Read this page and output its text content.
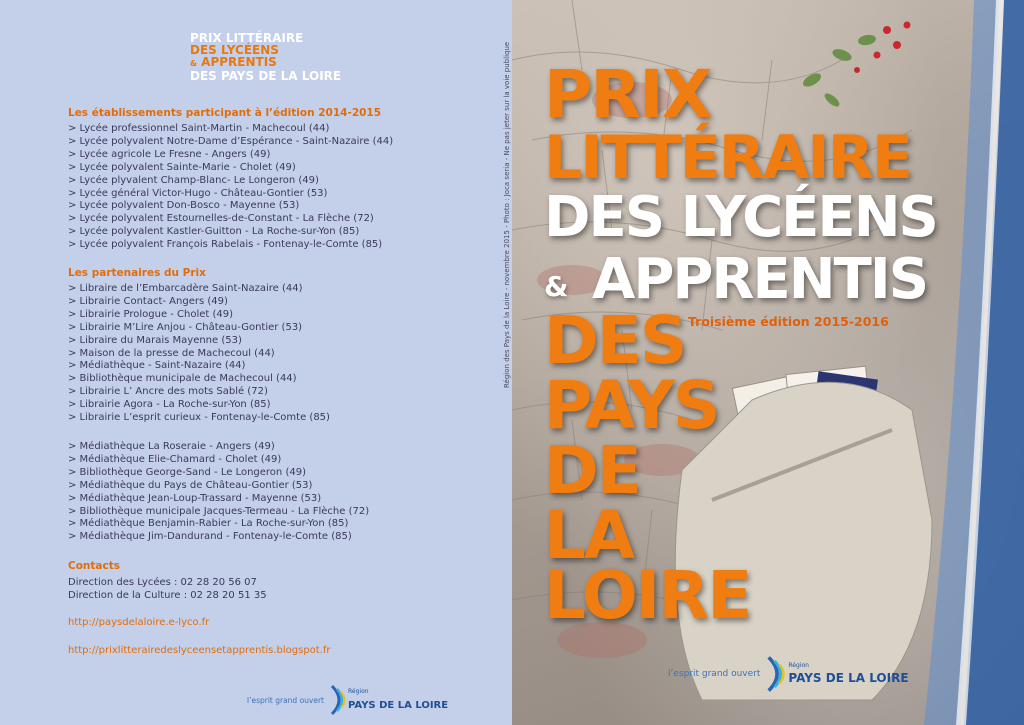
PRIX LITTÉRAIRE
DES LYCÉENS
& APPRENTIS
DES PAYS DE LA LOIRE
Les établissements participant à l’édition 2014-2015
> Lycée professionnel Saint-Martin - Machecoul (44)
> Lycée polyvalent Notre-Dame d’Espérance - Saint-Nazaire (44)
> Lycée agricole Le Fresne - Angers (49)
> Lycée polyvalent Sainte-Marie - Cholet (49)
> Lycée plyvalent Champ-Blanc- Le Longeron (49)
> Lycée général Victor-Hugo - Château-Gontier (53)
> Lycée polyvalent Don-Bosco - Mayenne (53)
> Lycée polyvalent Estournelles-de-Constant - La Flèche (72)
> Lycée polyvalent Kastler-Guitton - La Roche-sur-Yon (85)
> Lycée polyvalent François Rabelais - Fontenay-le-Comte (85)
Les partenaires du Prix
> Libraire de l’Embarcadère Saint-Nazaire (44)
> Librairie Contact- Angers (49)
> Librairie Prologue - Cholet (49)
> Librairie M’Lire Anjou - Château-Gontier (53)
> Libraire du Marais Mayenne (53)
> Maison de la presse de Machecoul (44)
> Médiathèque - Saint-Nazaire (44)
> Bibliothèque municipale de Machecoul (44)
> Librairie L’ Ancre des mots Sablé (72)
> Librairie Agora - La Roche-sur-Yon (85)
> Librairie L’esprit curieux - Fontenay-le-Comte (85)
> Médiathèque La Roseraie - Angers (49)
> Médiathèque Elie-Chamard - Cholet (49)
> Bibliothèque George-Sand - Le Longeron (49)
> Médiathèque du Pays de Château-Gontier (53)
> Médiathèque Jean-Loup-Trassard - Mayenne (53)
> Bibliothèque municipale Jacques-Termeau - La Flèche (72)
> Médiathèque Benjamin-Rabier - La Roche-sur-Yon (85)
> Médiathèque Jim-Dandurand - Fontenay-le-Comte (85)
Contacts
Direction des Lycées : 02 28 20 56 07
Direction de la Culture : 02 28 20 51 35
http://paysdelaloire.e-lyco.fr
http://prixlitterairedeslyceensetapprentis.blogspot.fr
l’esprit grand ouvert
Région
PAYS DE LA LOIRE
Région des Pays de la Loire - novembre 2015 - Photo : Joca seria - Ne pas jeter sur la voie publique PRIX
LITTÉRAIRE
DES LYCÉENS
& APPRENTIS
Troisième édition 2015-2016
DES
PAYS
DE
LA
LOIRE
l’esprit grand ouvert
Région
PAYS DE LA LOIRE
